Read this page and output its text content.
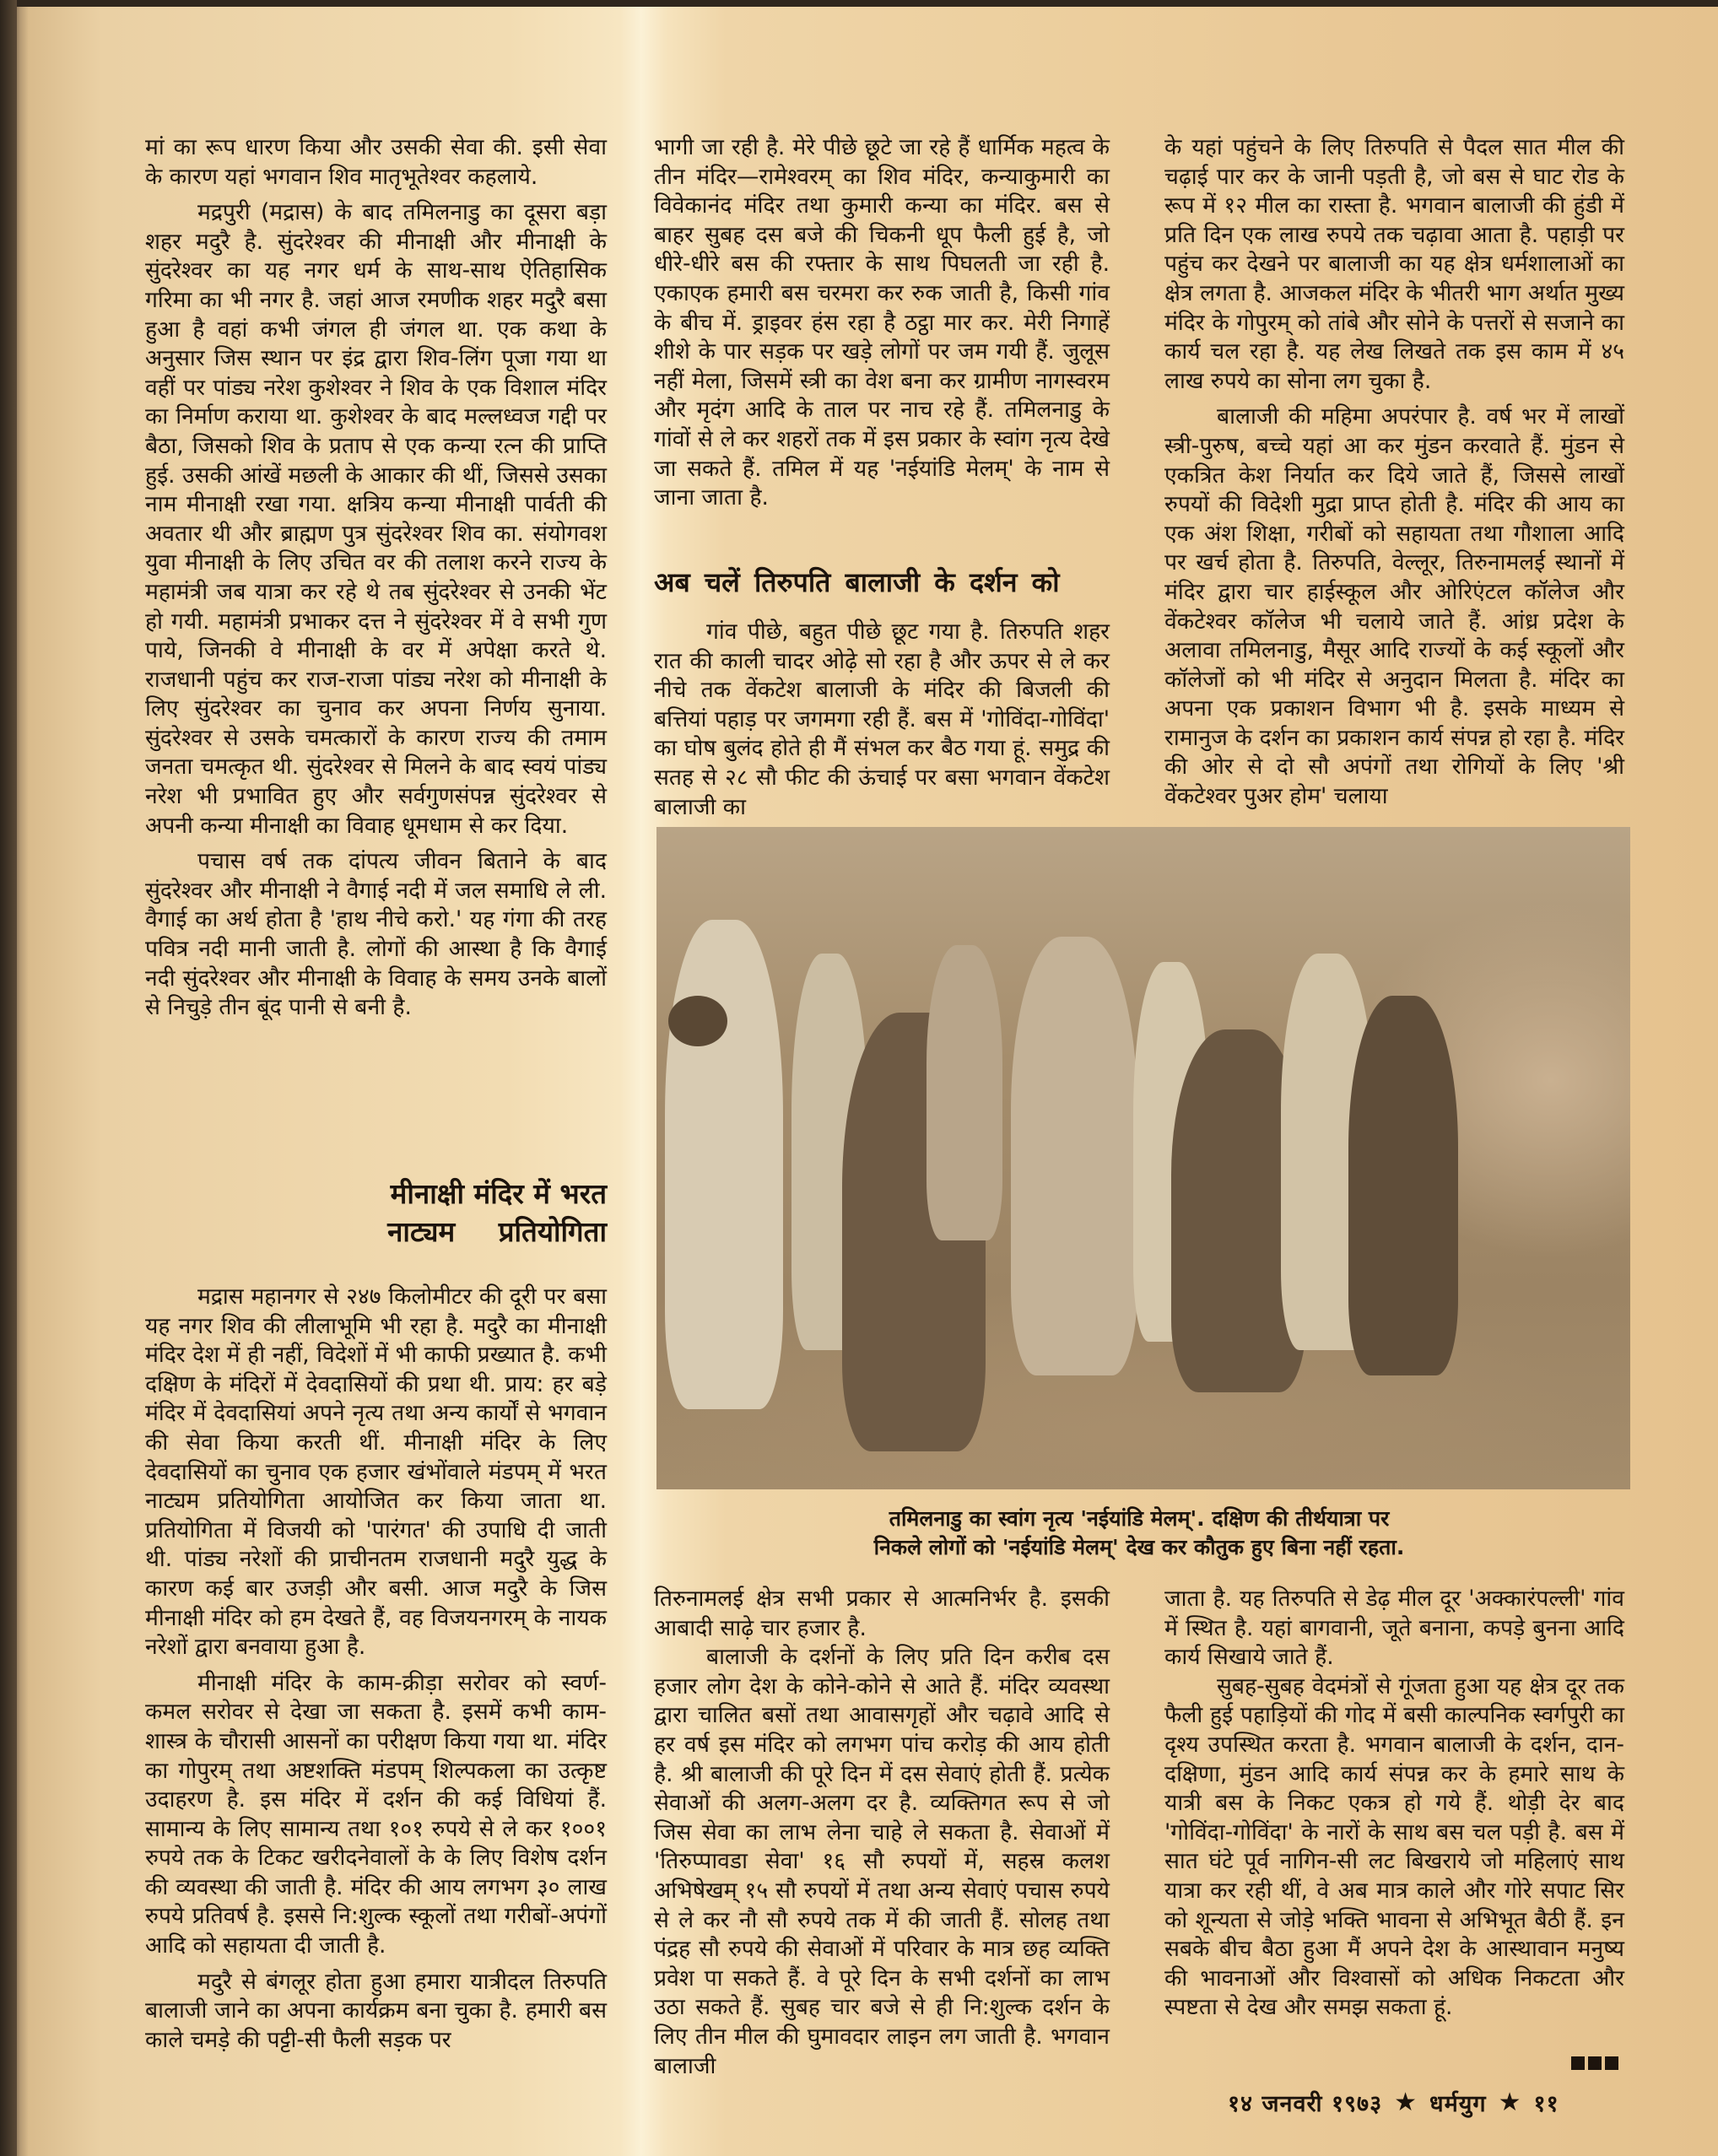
मां का रूप धारण किया और उसकी सेवा की. इसी सेवा के कारण यहां भगवान शिव मातृभूतेश्वर कहलाये.

मद्रपुरी (मद्रास) के बाद तमिलनाडु का दूसरा बड़ा शहर मदुरै है. सुंदरेश्वर की मीनाक्षी और मीनाक्षी के सुंदरेश्वर का यह नगर धर्म के साथ-साथ ऐतिहासिक गरिमा का भी नगर है. जहां आज रमणीक शहर मदुरै बसा हुआ है वहां कभी जंगल ही जंगल था. एक कथा के अनुसार जिस स्थान पर इंद्र द्वारा शिव-लिंग पूजा गया था वहीं पर पांड्य नरेश कुशेश्वर ने शिव के एक विशाल मंदिर का निर्माण कराया था. कुशेश्वर के बाद मल्लध्वज गद्दी पर बैठा, जिसको शिव के प्रताप से एक कन्या रत्न की प्राप्ति हुई. उसकी आंखें मछली के आकार की थीं, जिससे उसका नाम मीनाक्षी रखा गया. क्षत्रिय कन्या मीनाक्षी पार्वती की अवतार थी और ब्राह्मण पुत्र सुंदरेश्वर शिव का. संयोगवश युवा मीनाक्षी के लिए उचित वर की तलाश करने राज्य के महामंत्री जब यात्रा कर रहे थे तब सुंदरेश्वर से उनकी भेंट हो गयी. महामंत्री प्रभाकर दत्त ने सुंदरेश्वर में वे सभी गुण पाये, जिनकी वे मीनाक्षी के वर में अपेक्षा करते थे. राजधानी पहुंच कर राज-राजा पांड्य नरेश को मीनाक्षी के लिए सुंदरेश्वर का चुनाव कर अपना निर्णय सुनाया. सुंदरेश्वर से उसके चमत्कारों के कारण राज्य की तमाम जनता चमत्कृत थी. सुंदरेश्वर से मिलने के बाद स्वयं पांड्य नरेश भी प्रभावित हुए और सर्वगुणसंपन्न सुंदरेश्वर से अपनी कन्या मीनाक्षी का विवाह धूमधाम से कर दिया.

पचास वर्ष तक दांपत्य जीवन बिताने के बाद सुंदरेश्वर और मीनाक्षी ने वैगाई नदी में जल समाधि ले ली. वैगाई का अर्थ होता है 'हाथ नीचे करो.' यह गंगा की तरह पवित्र नदी मानी जाती है. लोगों की आस्था है कि वैगाई नदी सुंदरेश्वर और मीनाक्षी के विवाह के समय उनके बालों से निचुड़े तीन बूंद पानी से बनी है.

मीनाक्षी मंदिर में भरत
नाट्यम प्रतियोगिता

मद्रास महानगर से २४७ किलोमीटर की दूरी पर बसा यह नगर शिव की लीलाभूमि भी रहा है. मदुरै का मीनाक्षी मंदिर देश में ही नहीं, विदेशों में भी काफी प्रख्यात है. कभी दक्षिण के मंदिरों में देवदासियों की प्रथा थी. प्राय: हर बड़े मंदिर में देवदासियां अपने नृत्य तथा अन्य कार्यों से भगवान की सेवा किया करती थीं. मीनाक्षी मंदिर के लिए देवदासियों का चुनाव एक हजार खंभोंवाले मंडपम् में भरत नाट्यम प्रतियोगिता आयोजित कर किया जाता था. प्रतियोगिता में विजयी को 'पारंगत' की उपाधि दी जाती थी. पांड्य नरेशों की प्राचीनतम राजधानी मदुरै युद्ध के कारण कई बार उजड़ी और बसी. आज मदुरै के जिस मीनाक्षी मंदिर को हम देखते हैं, वह विजयनगरम् के नायक नरेशों द्वारा बनवाया हुआ है.

मीनाक्षी मंदिर के काम-क्रीड़ा सरोवर को स्वर्ण-कमल सरोवर से देखा जा सकता है. इसमें कभी काम-शास्त्र के चौरासी आसनों का परीक्षण किया गया था. मंदिर का गोपुरम् तथा अष्टशक्ति मंडपम् शिल्पकला का उत्कृष्ट उदाहरण है. इस मंदिर में दर्शन की कई विधियां हैं. सामान्य के लिए सामान्य तथा १०१ रुपये से ले कर १००१ रुपये तक के टिकट खरीदनेवालों के के लिए विशेष दर्शन की व्यवस्था की जाती है. मंदिर की आय लगभग ३० लाख रुपये प्रतिवर्ष है. इससे नि:शुल्क स्कूलों तथा गरीबों-अपंगों आदि को सहायता दी जाती है.

मदुरै से बंगलूर होता हुआ हमारा यात्रीदल तिरुपति बालाजी जाने का अपना कार्यक्रम बना चुका है. हमारी बस काले चमड़े की पट्टी-सी फैली सड़क पर

भागी जा रही है. मेरे पीछे छूटे जा रहे हैं धार्मिक महत्व के तीन मंदिर—रामेश्वरम् का शिव मंदिर, कन्याकुमारी का विवेकानंद मंदिर तथा कुमारी कन्या का मंदिर. बस से बाहर सुबह दस बजे की चिकनी धूप फैली हुई है, जो धीरे-धीरे बस की रफ्तार के साथ पिघलती जा रही है. एकाएक हमारी बस चरमरा कर रुक जाती है, किसी गांव के बीच में. ड्राइवर हंस रहा है ठट्ठा मार कर. मेरी निगाहें शीशे के पार सड़क पर खड़े लोगों पर जम गयी हैं. जुलूस नहीं मेला, जिसमें स्त्री का वेश बना कर ग्रामीण नागस्वरम और मृदंग आदि के ताल पर नाच रहे हैं. तमिलनाडु के गांवों से ले कर शहरों तक में इस प्रकार के स्वांग नृत्य देखे जा सकते हैं. तमिल में यह 'नईयांडि मेलम्' के नाम से जाना जाता है.

अब चलें तिरुपति बालाजी के दर्शन को

गांव पीछे, बहुत पीछे छूट गया है. तिरुपति शहर रात की काली चादर ओढ़े सो रहा है और ऊपर से ले कर नीचे तक वेंकटेश बालाजी के मंदिर की बिजली की बत्तियां पहाड़ पर जगमगा रही हैं. बस में 'गोविंदा-गोविंदा' का घोष बुलंद होते ही मैं संभल कर बैठ गया हूं. समुद्र की सतह से २८ सौ फीट की ऊंचाई पर बसा भगवान वेंकटेश बालाजी का

के यहां पहुंचने के लिए तिरुपति से पैदल सात मील की चढ़ाई पार कर के जानी पड़ती है, जो बस से घाट रोड के रूप में १२ मील का रास्ता है. भगवान बालाजी की हुंडी में प्रति दिन एक लाख रुपये तक चढ़ावा आता है. पहाड़ी पर पहुंच कर देखने पर बालाजी का यह क्षेत्र धर्मशालाओं का क्षेत्र लगता है. आजकल मंदिर के भीतरी भाग अर्थात मुख्य मंदिर के गोपुरम् को तांबे और सोने के पत्तरों से सजाने का कार्य चल रहा है. यह लेख लिखते तक इस काम में ४५ लाख रुपये का सोना लग चुका है.

बालाजी की महिमा अपरंपार है. वर्ष भर में लाखों स्त्री-पुरुष, बच्चे यहां आ कर मुंडन करवाते हैं. मुंडन से एकत्रित केश निर्यात कर दिये जाते हैं, जिससे लाखों रुपयों की विदेशी मुद्रा प्राप्त होती है. मंदिर की आय का एक अंश शिक्षा, गरीबों को सहायता तथा गौशाला आदि पर खर्च होता है. तिरुपति, वेल्लूर, तिरुनामलई स्थानों में मंदिर द्वारा चार हाईस्कूल और ओरिएंटल कॉलेज और वेंकटेश्वर कॉलेज भी चलाये जाते हैं. आंध्र प्रदेश के अलावा तमिलनाडु, मैसूर आदि राज्यों के कई स्कूलों और कॉलेजों को भी मंदिर से अनुदान मिलता है. मंदिर का अपना एक प्रकाशन विभाग भी है. इसके माध्यम से रामानुज के दर्शन का प्रकाशन कार्य संपन्न हो रहा है. मंदिर की ओर से दो सौ अपंगों तथा रोगियों के लिए 'श्री वेंकटेश्वर पुअर होम' चलाया

तमिलनाडु का स्वांग नृत्य 'नईयांडि मेलम्'. दक्षिण की तीर्थयात्रा पर
निकले लोगों को 'नईयांडि मेलम्' देख कर कौतुक हुए बिना नहीं रहता.

तिरुनामलई क्षेत्र सभी प्रकार से आत्मनिर्भर है. इसकी आबादी साढ़े चार हजार है.

बालाजी के दर्शनों के लिए प्रति दिन करीब दस हजार लोग देश के कोने-कोने से आते हैं. मंदिर व्यवस्था द्वारा चालित बसों तथा आवासगृहों और चढ़ावे आदि से हर वर्ष इस मंदिर को लगभग पांच करोड़ की आय होती है. श्री बालाजी की पूरे दिन में दस सेवाएं होती हैं. प्रत्येक सेवाओं की अलग-अलग दर है. व्यक्तिगत रूप से जो जिस सेवा का लाभ लेना चाहे ले सकता है. सेवाओं में 'तिरुप्पावडा सेवा' १६ सौ रुपयों में, सहस्र कलश अभिषेखम् १५ सौ रुपयों में तथा अन्य सेवाएं पचास रुपये से ले कर नौ सौ रुपये तक में की जाती हैं. सोलह तथा पंद्रह सौ रुपये की सेवाओं में परिवार के मात्र छह व्यक्ति प्रवेश पा सकते हैं. वे पूरे दिन के सभी दर्शनों का लाभ उठा सकते हैं. सुबह चार बजे से ही नि:शुल्क दर्शन के लिए तीन मील की घुमावदार लाइन लग जाती है. भगवान बालाजी

जाता है. यह तिरुपति से डेढ़ मील दूर 'अक्कारंपल्ली' गांव में स्थित है. यहां बागवानी, जूते बनाना, कपड़े बुनना आदि कार्य सिखाये जाते हैं.

सुबह-सुबह वेदमंत्रों से गूंजता हुआ यह क्षेत्र दूर तक फैली हुई पहाड़ियों की गोद में बसी काल्पनिक स्वर्गपुरी का दृश्य उपस्थित करता है. भगवान बालाजी के दर्शन, दान-दक्षिणा, मुंडन आदि कार्य संपन्न कर के हमारे साथ के यात्री बस के निकट एकत्र हो गये हैं. थोड़ी देर बाद 'गोविंदा-गोविंदा' के नारों के साथ बस चल पड़ी है. बस में सात घंटे पूर्व नागिन-सी लट बिखराये जो महिलाएं साथ यात्रा कर रही थीं, वे अब मात्र काले और गोरे सपाट सिर को शून्यता से जोड़े भक्ति भावना से अभिभूत बैठी हैं. इन सबके बीच बैठा हुआ मैं अपने देश के आस्थावान मनुष्य की भावनाओं और विश्वासों को अधिक निकटता और स्पष्टता से देख और समझ सकता हूं.

१४ जनवरी १९७३ ★ धर्मयुग ★ ११
